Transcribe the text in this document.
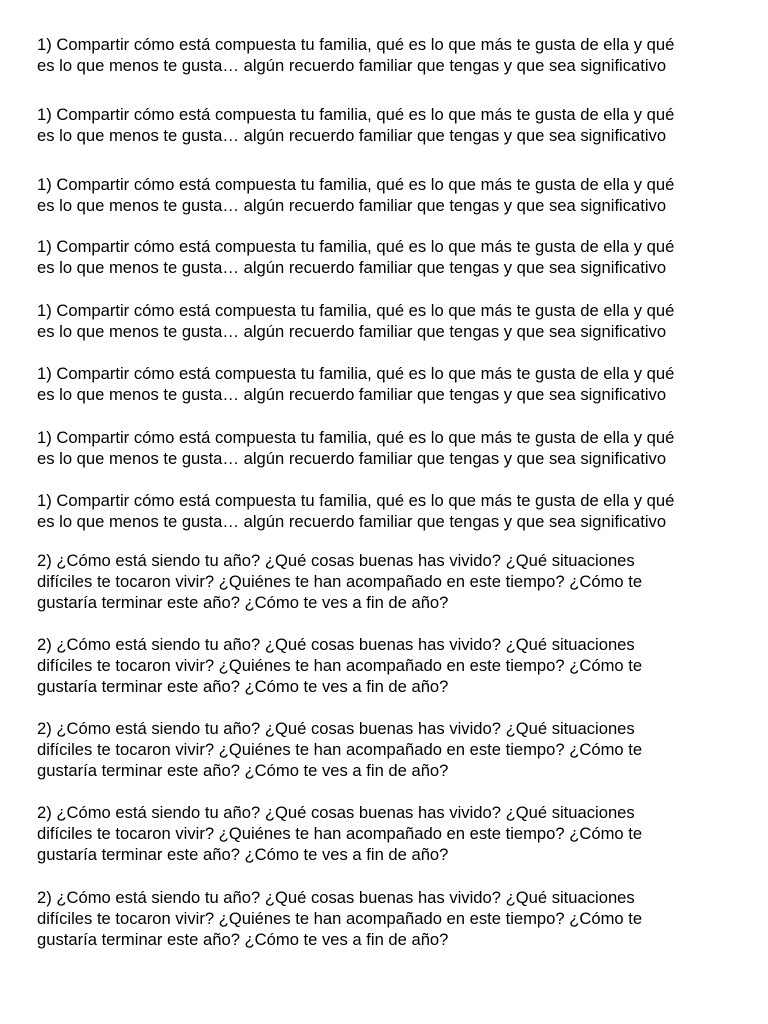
1) Compartir cómo está compuesta tu familia, qué es lo que más te gusta de ella y qué
es lo que menos te gusta… algún recuerdo familiar que tengas y que sea significativo

1) Compartir cómo está compuesta tu familia, qué es lo que más te gusta de ella y qué
es lo que menos te gusta… algún recuerdo familiar que tengas y que sea significativo

1) Compartir cómo está compuesta tu familia, qué es lo que más te gusta de ella y qué
es lo que menos te gusta… algún recuerdo familiar que tengas y que sea significativo

1) Compartir cómo está compuesta tu familia, qué es lo que más te gusta de ella y qué
es lo que menos te gusta… algún recuerdo familiar que tengas y que sea significativo

1) Compartir cómo está compuesta tu familia, qué es lo que más te gusta de ella y qué
es lo que menos te gusta… algún recuerdo familiar que tengas y que sea significativo

1) Compartir cómo está compuesta tu familia, qué es lo que más te gusta de ella y qué
es lo que menos te gusta… algún recuerdo familiar que tengas y que sea significativo

1) Compartir cómo está compuesta tu familia, qué es lo que más te gusta de ella y qué
es lo que menos te gusta… algún recuerdo familiar que tengas y que sea significativo

1) Compartir cómo está compuesta tu familia, qué es lo que más te gusta de ella y qué
es lo que menos te gusta… algún recuerdo familiar que tengas y que sea significativo

2) ¿Cómo está siendo tu año? ¿Qué cosas buenas has vivido? ¿Qué situaciones
difíciles te tocaron vivir? ¿Quiénes te han acompañado en este tiempo? ¿Cómo te
gustaría terminar este año? ¿Cómo te ves a fin de año?

2) ¿Cómo está siendo tu año? ¿Qué cosas buenas has vivido? ¿Qué situaciones
difíciles te tocaron vivir? ¿Quiénes te han acompañado en este tiempo? ¿Cómo te
gustaría terminar este año? ¿Cómo te ves a fin de año?

2) ¿Cómo está siendo tu año? ¿Qué cosas buenas has vivido? ¿Qué situaciones
difíciles te tocaron vivir? ¿Quiénes te han acompañado en este tiempo? ¿Cómo te
gustaría terminar este año? ¿Cómo te ves a fin de año?

2) ¿Cómo está siendo tu año? ¿Qué cosas buenas has vivido? ¿Qué situaciones
difíciles te tocaron vivir? ¿Quiénes te han acompañado en este tiempo? ¿Cómo te
gustaría terminar este año? ¿Cómo te ves a fin de año?

2) ¿Cómo está siendo tu año? ¿Qué cosas buenas has vivido? ¿Qué situaciones
difíciles te tocaron vivir? ¿Quiénes te han acompañado en este tiempo? ¿Cómo te
gustaría terminar este año? ¿Cómo te ves a fin de año?
